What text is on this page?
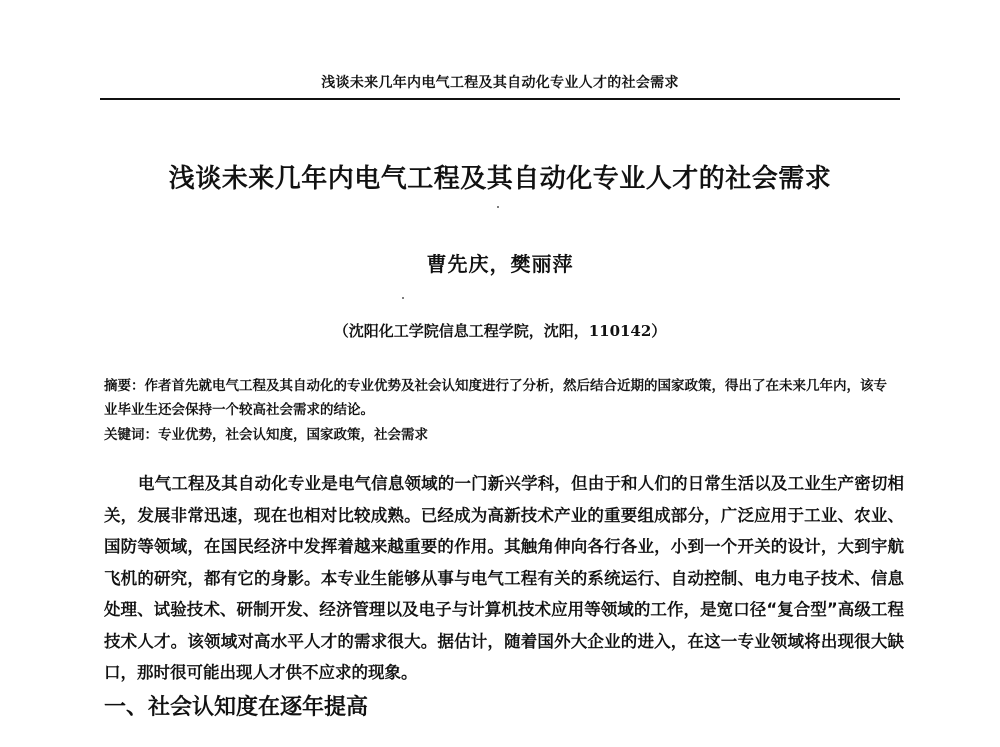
浅谈未来几年内电气工程及其自动化专业人才的社会需求
浅谈未来几年内电气工程及其自动化专业人才的社会需求
曹先庆，樊丽萍
（沈阳化工学院信息工程学院，沈阳，110142）
摘要：作者首先就电气工程及其自动化的专业优势及社会认知度进行了分析，然后结合近期的国家政策，得出了在未来几年内，该专业毕业生还会保持一个较高社会需求的结论。
关键词：专业优势，社会认知度，国家政策，社会需求
电气工程及其自动化专业是电气信息领域的一门新兴学科，但由于和人们的日常生活以及工业生产密切相关，发展非常迅速，现在也相对比较成熟。已经成为高新技术产业的重要组成部分，广泛应用于工业、农业、国防等领域，在国民经济中发挥着越来越重要的作用。其触角伸向各行各业，小到一个开关的设计，大到宇航飞机的研究，都有它的身影。本专业生能够从事与电气工程有关的系统运行、自动控制、电力电子技术、信息处理、试验技术、研制开发、经济管理以及电子与计算机技术应用等领域的工作，是宽口径“复合型”高级工程技术人才。该领域对高水平人才的需求很大。据估计，随着国外大企业的进入，在这一专业领域将出现很大缺口，那时很可能出现人才供不应求的现象。
一、社会认知度在逐年提高
